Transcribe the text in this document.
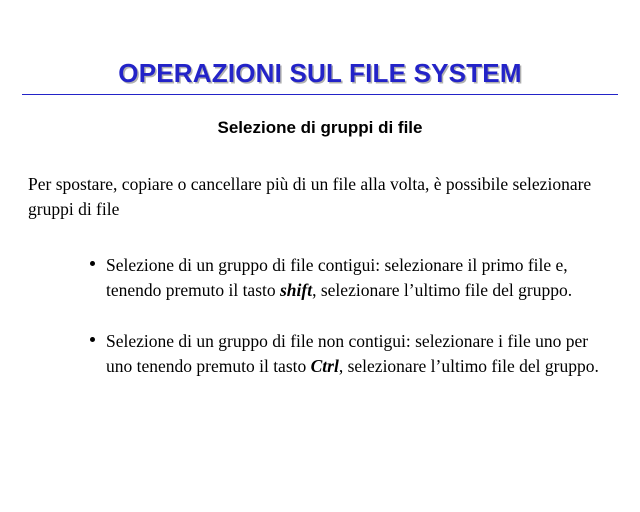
OPERAZIONI SUL FILE SYSTEM
Selezione di gruppi di file
Per spostare, copiare o cancellare più di un file alla volta, è possibile selezionare gruppi di file
Selezione di un gruppo di file contigui: selezionare il primo file e, tenendo premuto il tasto shift, selezionare l’ultimo file del gruppo.
Selezione di un gruppo di file non contigui: selezionare i file uno per uno tenendo premuto il tasto Ctrl, selezionare l’ultimo file del gruppo.
